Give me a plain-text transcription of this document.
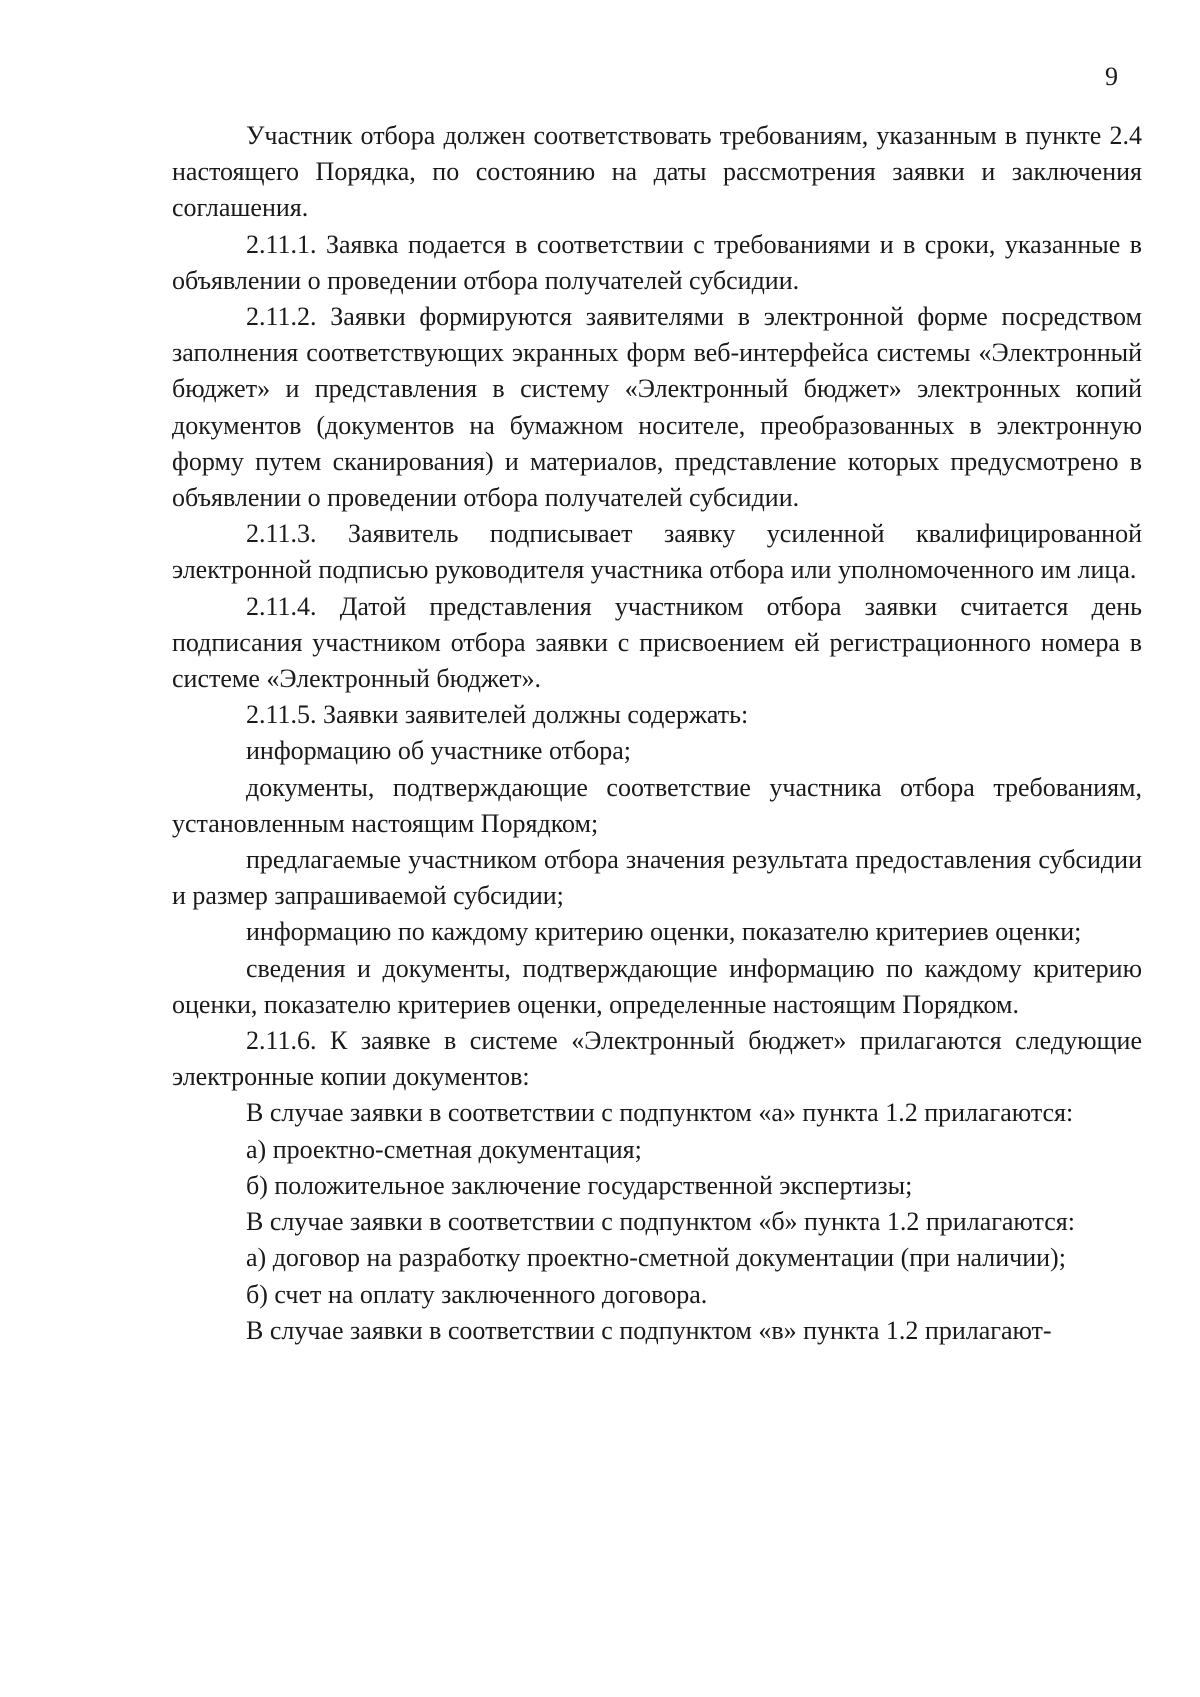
9

Участник отбора должен соответствовать требованиям, указанным в пункте 2.4 настоящего Порядка, по состоянию на даты рассмотрения заявки и заключения соглашения.

2.11.1. Заявка подается в соответствии с требованиями и в сроки, указанные в объявлении о проведении отбора получателей субсидии.

2.11.2. Заявки формируются заявителями в электронной форме посредством заполнения соответствующих экранных форм веб-интерфейса системы «Электронный бюджет» и представления в систему «Электронный бюджет» электронных копий документов (документов на бумажном носителе, преобразованных в электронную форму путем сканирования) и материалов, представление которых предусмотрено в объявлении о проведении отбора получателей субсидии.

2.11.3. Заявитель подписывает заявку усиленной квалифицированной электронной подписью руководителя участника отбора или уполномоченного им лица.

2.11.4. Датой представления участником отбора заявки считается день подписания участником отбора заявки с присвоением ей регистрационного номера в системе «Электронный бюджет».

2.11.5. Заявки заявителей должны содержать:

информацию об участнике отбора;

документы, подтверждающие соответствие участника отбора требованиям, установленным настоящим Порядком;

предлагаемые участником отбора значения результата предоставления субсидии и размер запрашиваемой субсидии;

информацию по каждому критерию оценки, показателю критериев оценки;

сведения и документы, подтверждающие информацию по каждому критерию оценки, показателю критериев оценки, определенные настоящим Порядком.

2.11.6. К заявке в системе «Электронный бюджет» прилагаются следующие электронные копии документов:

В случае заявки в соответствии с подпунктом «а» пункта 1.2 прилагаются:

а) проектно-сметная документация;

б) положительное заключение государственной экспертизы;

В случае заявки в соответствии с подпунктом «б» пункта 1.2 прилагаются:

а) договор на разработку проектно-сметной документации (при наличии);

б) счет на оплату заключенного договора.

В случае заявки в соответствии с подпунктом «в» пункта 1.2 прилагают-
